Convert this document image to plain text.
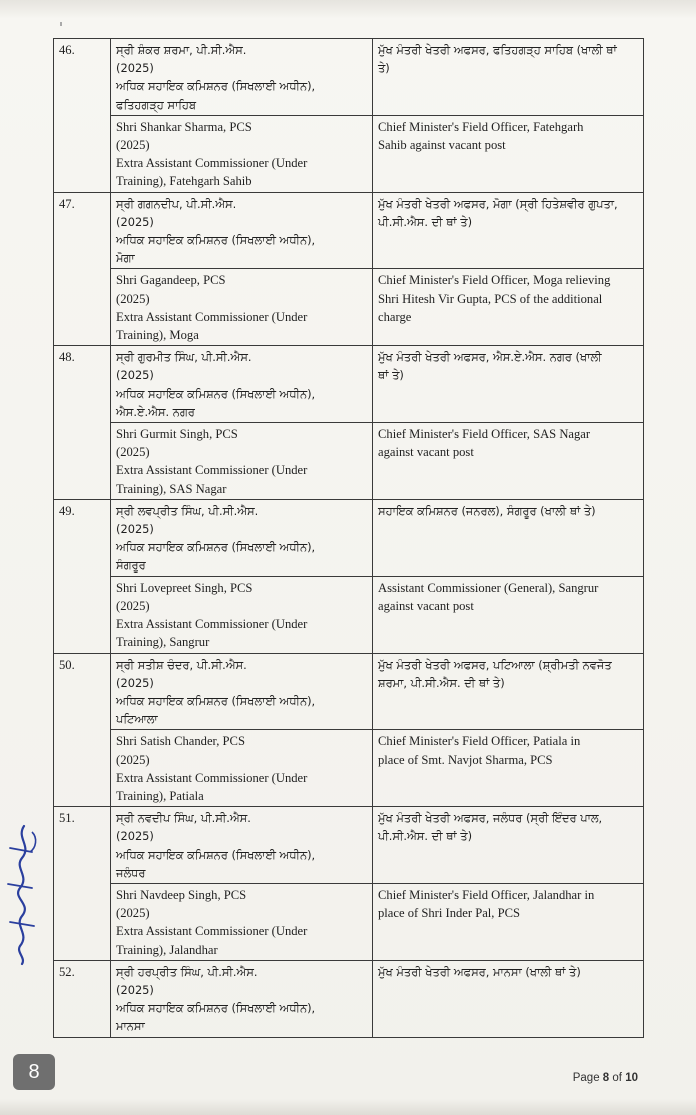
46.	ਸ੍ਰੀ ਸ਼ੰਕਰ ਸ਼ਰਮਾ, ਪੀ.ਸੀ.ਐਸ.
(2025)
ਅਧਿਕ ਸਹਾਇਕ ਕਮਿਸ਼ਨਰ (ਸਿਖਲਾਈ ਅਧੀਨ),
ਫਤਿਹਗੜ੍ਹ ਸਾਹਿਬ	ਮੁੱਖ ਮੰਤਰੀ ਖੇਤਰੀ ਅਫਸਰ, ਫਤਿਹਗੜ੍ਹ ਸਾਹਿਬ (ਖਾਲੀ ਥਾਂ
ਤੇ)

	Shri Shankar Sharma, PCS
(2025)
Extra Assistant Commissioner (Under
Training), Fatehgarh Sahib	Chief Minister's Field Officer, Fatehgarh
Sahib against vacant post

47.	ਸ੍ਰੀ ਗਗਨਦੀਪ, ਪੀ.ਸੀ.ਐਸ.
(2025)
ਅਧਿਕ ਸਹਾਇਕ ਕਮਿਸ਼ਨਰ (ਸਿਖਲਾਈ ਅਧੀਨ),
ਮੋਗਾ	ਮੁੱਖ ਮੰਤਰੀ ਖੇਤਰੀ ਅਫਸਰ, ਮੋਗਾ (ਸ੍ਰੀ ਹਿਤੇਸ਼ਵੀਰ ਗੁਪਤਾ,
ਪੀ.ਸੀ.ਐਸ. ਦੀ ਥਾਂ ਤੇ)

	Shri Gagandeep, PCS
(2025)
Extra Assistant Commissioner (Under
Training), Moga	Chief Minister's Field Officer, Moga relieving
Shri Hitesh Vir Gupta, PCS of the additional
charge

48.	ਸ੍ਰੀ ਗੁਰਮੀਤ ਸਿੰਘ, ਪੀ.ਸੀ.ਐਸ.
(2025)
ਅਧਿਕ ਸਹਾਇਕ ਕਮਿਸ਼ਨਰ (ਸਿਖਲਾਈ ਅਧੀਨ),
ਐਸ.ਏ.ਐਸ. ਨਗਰ	ਮੁੱਖ ਮੰਤਰੀ ਖੇਤਰੀ ਅਫਸਰ, ਐਸ.ਏ.ਐਸ. ਨਗਰ (ਖਾਲੀ
ਥਾਂ ਤੇ)

	Shri Gurmit Singh, PCS
(2025)
Extra Assistant Commissioner (Under
Training), SAS Nagar	Chief Minister's Field Officer, SAS Nagar
against vacant post

49.	ਸ੍ਰੀ ਲਵਪ੍ਰੀਤ ਸਿੰਘ, ਪੀ.ਸੀ.ਐਸ.
(2025)
ਅਧਿਕ ਸਹਾਇਕ ਕਮਿਸ਼ਨਰ (ਸਿਖਲਾਈ ਅਧੀਨ),
ਸੰਗਰੂਰ	ਸਹਾਇਕ ਕਮਿਸ਼ਨਰ (ਜਨਰਲ), ਸੰਗਰੂਰ (ਖਾਲੀ ਥਾਂ ਤੇ)

	Shri Lovepreet Singh, PCS
(2025)
Extra Assistant Commissioner (Under
Training), Sangrur	Assistant Commissioner (General), Sangrur
against vacant post

50.	ਸ੍ਰੀ ਸਤੀਸ਼ ਚੰਦਰ, ਪੀ.ਸੀ.ਐਸ.
(2025)
ਅਧਿਕ ਸਹਾਇਕ ਕਮਿਸ਼ਨਰ (ਸਿਖਲਾਈ ਅਧੀਨ),
ਪਟਿਆਲਾ	ਮੁੱਖ ਮੰਤਰੀ ਖੇਤਰੀ ਅਫਸਰ, ਪਟਿਆਲਾ (ਸ਼੍ਰੀਮਤੀ ਨਵਜੋਤ
ਸ਼ਰਮਾ, ਪੀ.ਸੀ.ਐਸ. ਦੀ ਥਾਂ ਤੇ)

	Shri Satish Chander, PCS
(2025)
Extra Assistant Commissioner (Under
Training), Patiala	Chief Minister's Field Officer, Patiala in
place of Smt. Navjot Sharma, PCS

51.	ਸ੍ਰੀ ਨਵਦੀਪ ਸਿੰਘ, ਪੀ.ਸੀ.ਐਸ.
(2025)
ਅਧਿਕ ਸਹਾਇਕ ਕਮਿਸ਼ਨਰ (ਸਿਖਲਾਈ ਅਧੀਨ),
ਜਲੰਧਰ	ਮੁੱਖ ਮੰਤਰੀ ਖੇਤਰੀ ਅਫਸਰ, ਜਲੰਧਰ (ਸ੍ਰੀ ਇੰਦਰ ਪਾਲ,
ਪੀ.ਸੀ.ਐਸ. ਦੀ ਥਾਂ ਤੇ)

	Shri Navdeep Singh, PCS
(2025)
Extra Assistant Commissioner (Under
Training), Jalandhar	Chief Minister's Field Officer, Jalandhar in
place of Shri Inder Pal, PCS

52.	ਸ੍ਰੀ ਹਰਪ੍ਰੀਤ ਸਿੰਘ, ਪੀ.ਸੀ.ਐਸ.
(2025)
ਅਧਿਕ ਸਹਾਇਕ ਕਮਿਸ਼ਨਰ (ਸਿਖਲਾਈ ਅਧੀਨ),
ਮਾਨਸਾ	ਮੁੱਖ ਮੰਤਰੀ ਖੇਤਰੀ ਅਫਸਰ, ਮਾਨਸਾ (ਖਾਲੀ ਥਾਂ ਤੇ)
8	Page 8 of 10
